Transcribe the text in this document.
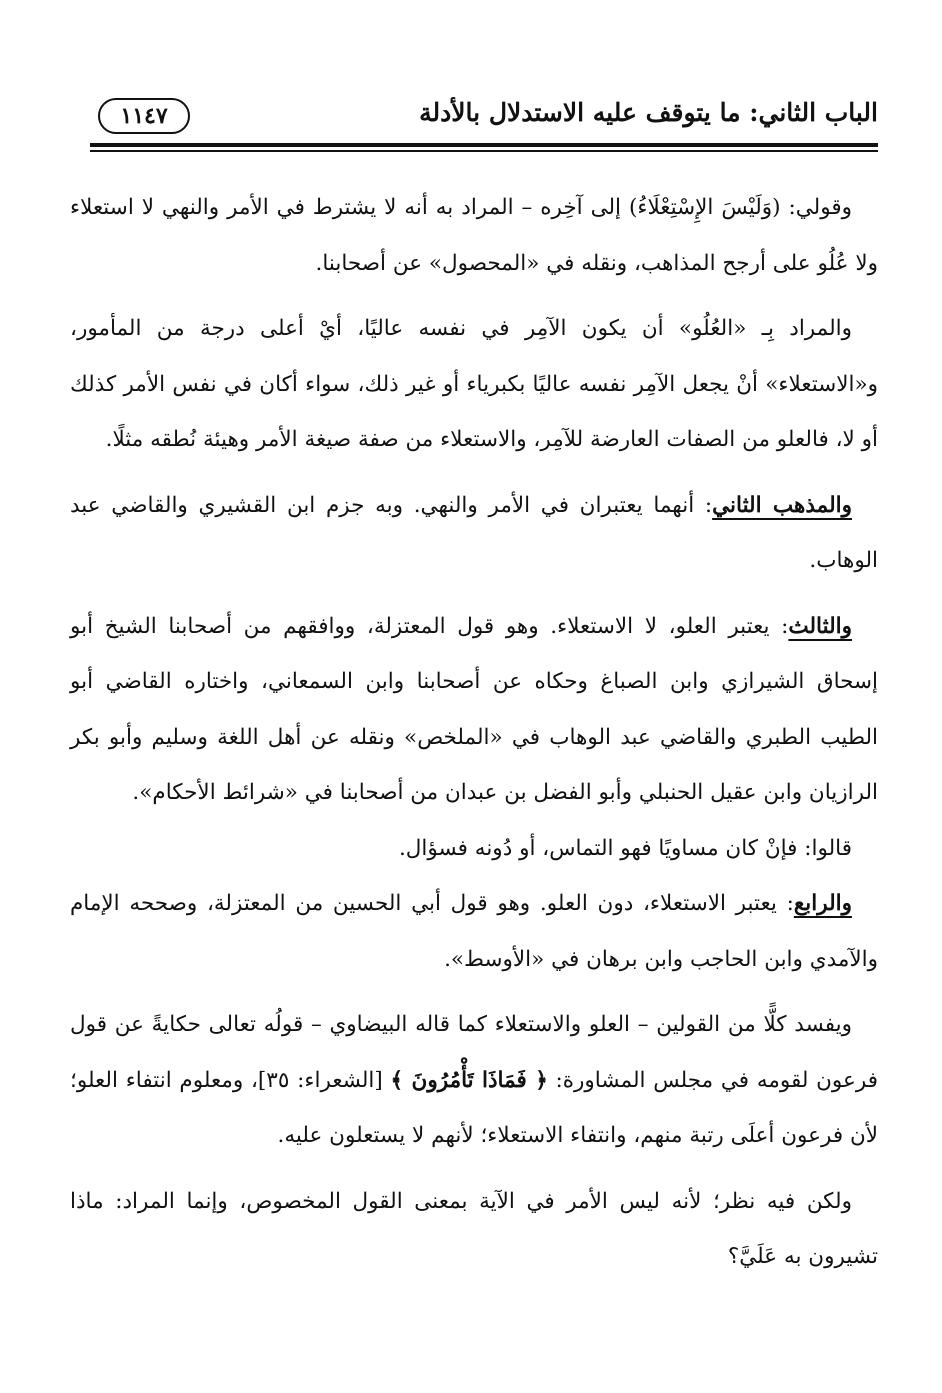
الباب الثاني: ما يتوقف عليه الاستدلال بالأدلة
١١٤٧

وقولي: (وَلَيْسَ الإِسْتِعْلَاءُ) إلى آخِره – المراد به أنه لا يشترط في الأمر والنهي لا استعلاء ولا عُلُو على أرجح المذاهب، ونقله في «المحصول» عن أصحابنا.

والمراد بِـ «العُلُو» أن يكون الآمِر في نفسه عاليًا، أيْ أعلى درجة من المأمور، و«الاستعلاء» أنْ يجعل الآمِر نفسه عاليًا بكبرياء أو غير ذلك، سواء أكان في نفس الأمر كذلك أو لا، فالعلو من الصفات العارضة للآمِر، والاستعلاء من صفة صيغة الأمر وهيئة نُطقه مثلًا.

والمذهب الثاني: أنهما يعتبران في الأمر والنهي. وبه جزم ابن القشيري والقاضي عبد الوهاب.

والثالث: يعتبر العلو، لا الاستعلاء. وهو قول المعتزلة، ووافقهم من أصحابنا الشيخ أبو إسحاق الشيرازي وابن الصباغ وحكاه عن أصحابنا وابن السمعاني، واختاره القاضي أبو الطيب الطبري والقاضي عبد الوهاب في «الملخص» ونقله عن أهل اللغة وسليم وأبو بكر الرازيان وابن عقيل الحنبلي وأبو الفضل بن عبدان من أصحابنا في «شرائط الأحكام».

قالوا: فإنْ كان مساويًا فهو التماس، أو دُونه فسؤال.

والرابع: يعتبر الاستعلاء، دون العلو. وهو قول أبي الحسين من المعتزلة، وصححه الإمام والآمدي وابن الحاجب وابن برهان في «الأوسط».

ويفسد كلًّا من القولين – العلو والاستعلاء كما قاله البيضاوي – قولُه تعالى حكايةً عن قول فرعون لقومه في مجلس المشاورة: ﴿ فَمَاذَا تَأْمُرُونَ ﴾ [الشعراء: ٣٥]، ومعلوم انتفاء العلو؛ لأن فرعون أعلَى رتبة منهم، وانتفاء الاستعلاء؛ لأنهم لا يستعلون عليه.

ولكن فيه نظر؛ لأنه ليس الأمر في الآية بمعنى القول المخصوص، وإنما المراد: ماذا تشيرون به عَلَيَّ؟
